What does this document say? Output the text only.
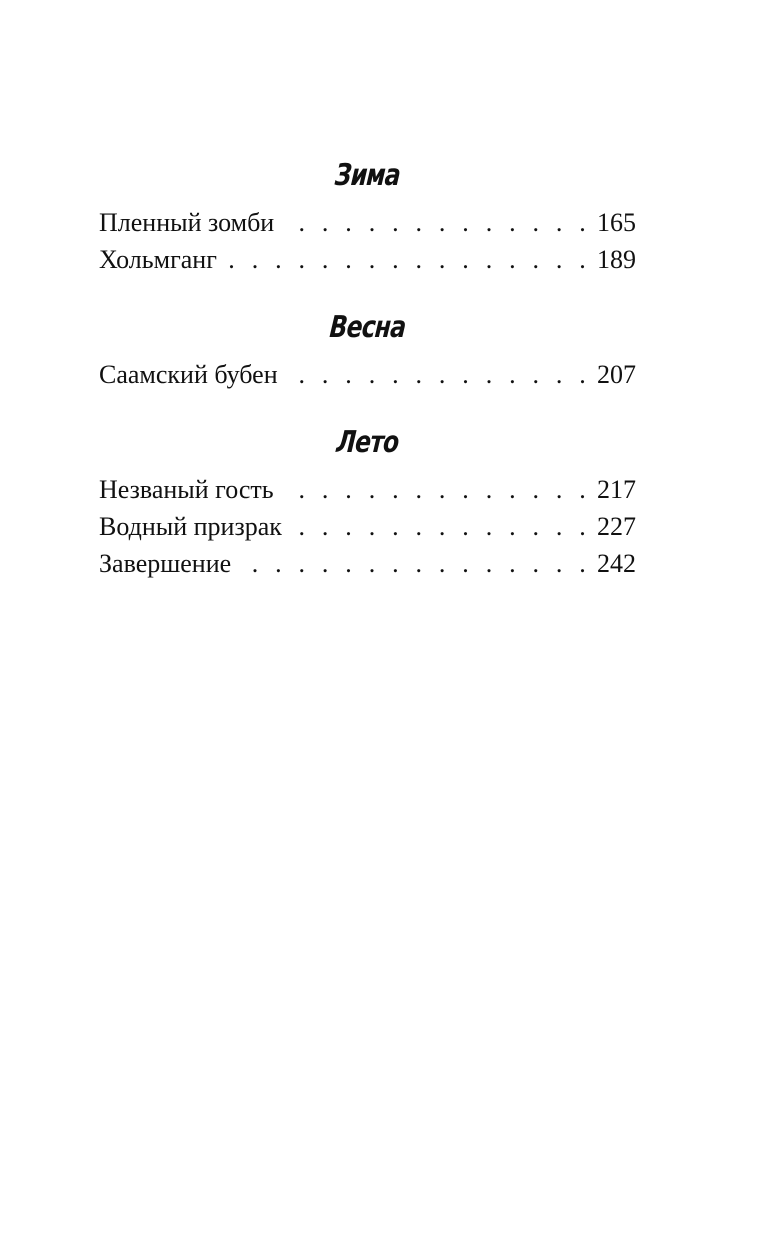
Зима
Пленный зомби . . .	165
Хольмганг . . .	189
Весна
Саамский бубен . . .	207
Лето
Незваный гость . . .	217
Водный призрак . . .	227
Завершение . . .	242
